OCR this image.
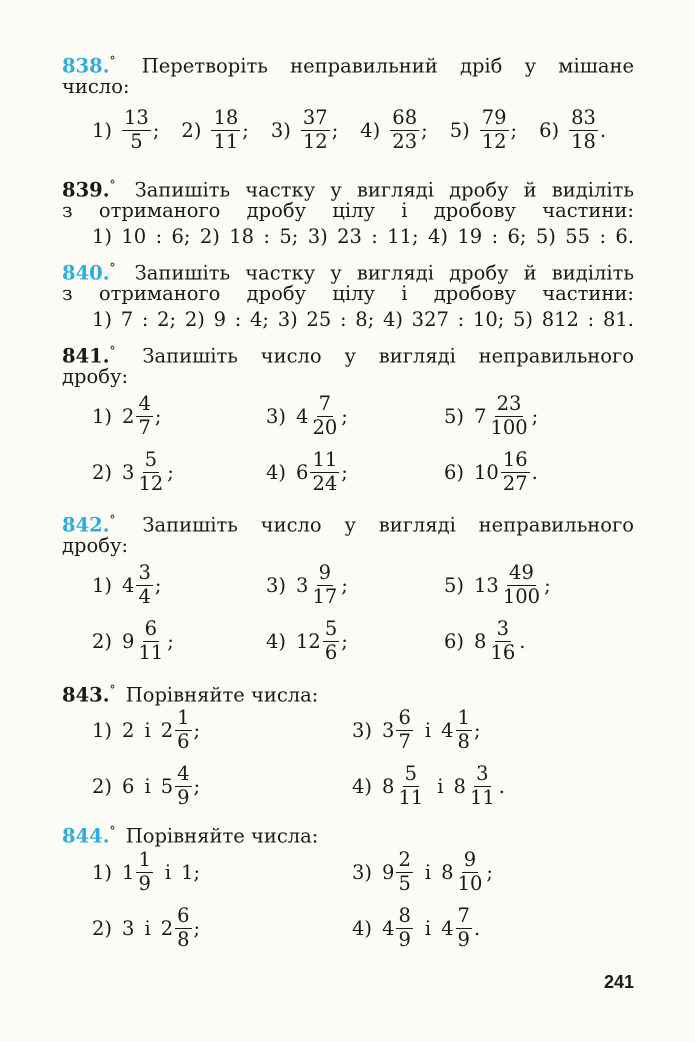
838.° Перетворіть неправильний дріб у мішане
число:
$1) \frac{13}{5}$ ; $2) \frac{18}{11}$ ; $3) \frac{37}{12}$ ; $4) \frac{68}{23}$ ; $5) \frac{79}{12}$ ; $6) \frac{83}{18}$ .
839.° Запишіть частку у вигляді дробу й виділіть
з отриманого дробу цілу і дробову частини:
1) 10 : 6; 2) 18 : 5; 3) 23 : 11; 4) 19 : 6; 5) 55 : 6.
840.° Запишіть частку у вигляді дробу й виділіть
з отриманого дробу цілу і дробову частини:
1) 7 : 2; 2) 9 : 4; 3) 25 : 8; 4) 327 : 10; 5) 812 : 81.
841.° Запишіть число у вигляді неправильного
дробу:
1) $2 \frac{4}{7}$ ;	3) $4 \frac{7}{20}$ ;	5) $7 \frac{23}{100}$ ;
2) $3 \frac{5}{12}$ ;	4) $6 \frac{11}{24}$ ;	6) $10 \frac{16}{27}$ .
842.° Запишіть число у вигляді неправильного
дробу:
1) $4 \frac{3}{4}$ ;	3) $3 \frac{9}{17}$ ;	5) $13 \frac{49}{100}$ ;
2) $9 \frac{6}{11}$ ;	4) $12 \frac{5}{6}$ ;	6) $8 \frac{3}{16}$ .
843.° Порівняйте числа:
1) 2 і $2 \frac{1}{6}$ ;	3) $3 \frac{6}{7}$ і $4 \frac{1}{8}$ ;
2) 6 і $5 \frac{4}{9}$ ;	4) $8 \frac{5}{11}$ і $8 \frac{3}{11}$ .
844.° Порівняйте числа:
1) $1 \frac{1}{9}$ і 1 ;	3) $9 \frac{2}{5}$ і $8 \frac{9}{10}$ ;
2) 3 і $2 \frac{6}{8}$ ;	4) $4 \frac{8}{9}$ і $4 \frac{7}{9}$ .
241
